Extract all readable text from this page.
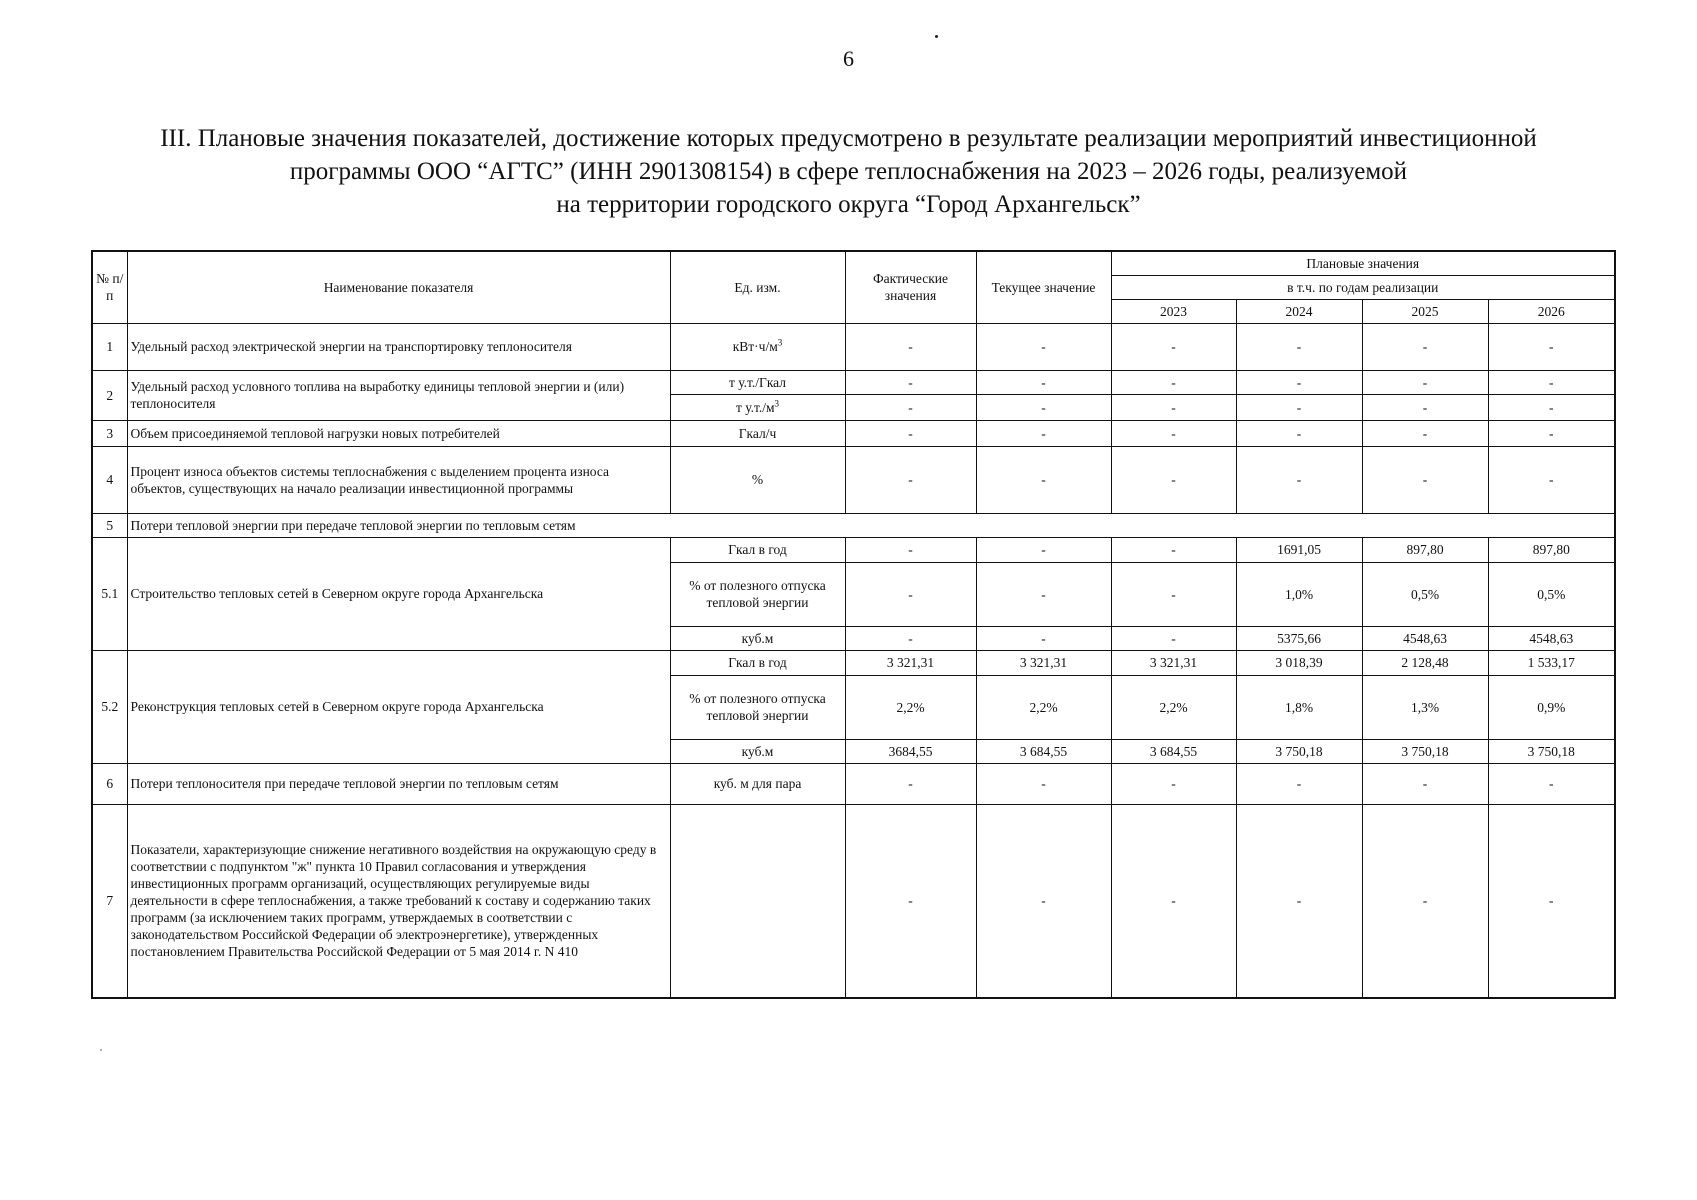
6
III. Плановые значения показателей, достижение которых предусмотрено в результате реализации мероприятий инвестиционной
программы ООО “АГТС” (ИНН 2901308154) в сфере теплоснабжения на 2023 – 2026 годы, реализуемой
на территории городского округа “Город Архангельск”
№ п/п	Наименование показателя	Ед. изм.	Фактические значения	Текущее значение	Плановые значения			
					в т.ч. по годам реализации			
					2023	2024	2025	2026
1	Удельный расход электрической энергии на транспортировку теплоносителя	$кВт\cdot ч/м^3$	-	-	-	-	-	-
2	Удельный расход условного топлива на выработку единицы тепловой энергии и (или) теплоносителя	т у.т./Гкал	-	-	-	-	-	-
		т $у.т./м^3$	-	-	-	-	-	-
3	Объем присоединяемой тепловой нагрузки новых потребителей	Гкал/ч	-	-	-	-	-	-
4	Процент износа объектов системы теплоснабжения с выделением процента износа объектов, существующих на начало реализации инвестиционной программы	%	-	-	-	-	-	-
5	Потери тепловой энергии при передаче тепловой энергии по тепловым сетям							
5.1	Строительство тепловых сетей в Северном округе города Архангельска	Гкал в год	-	-	-	1691,05	897,80	897,80
		% от полезного отпуска тепловой энергии	-	-	-	1,0%	0,5%	0,5%
		куб.м	-	-	-	5375,66	4548,63	4548,63
5.2	Реконструкция тепловых сетей в Северном округе города Архангельска	Гкал в год	3 321,31	3 321,31	3 321,31	3 018,39	2 128,48	1 533,17
		% от полезного отпуска тепловой энергии	2,2%	2,2%	2,2%	1,8%	1,3%	0,9%
		куб.м	3684,55	3 684,55	3 684,55	3 750,18	3 750,18	3 750,18
6	Потери теплоносителя при передаче тепловой энергии по тепловым сетям	куб. м для пара	-	-	-	-	-	-
7	Показатели, характеризующие снижение негативного воздействия на окружающую среду в соответствии с подпунктом "ж" пункта 10 Правил согласования и утверждения инвестиционных программ организаций, осуществляющих регулируемые виды деятельности в сфере теплоснабжения, а также требований к составу и содержанию таких программ (за исключением таких программ, утверждаемых в соответствии с законодательством Российской Федерации об электроэнергетике), утвержденных постановлением Правительства Российской Федерации от 5 мая 2014 г. N 410		-	-	-	-	-	-
